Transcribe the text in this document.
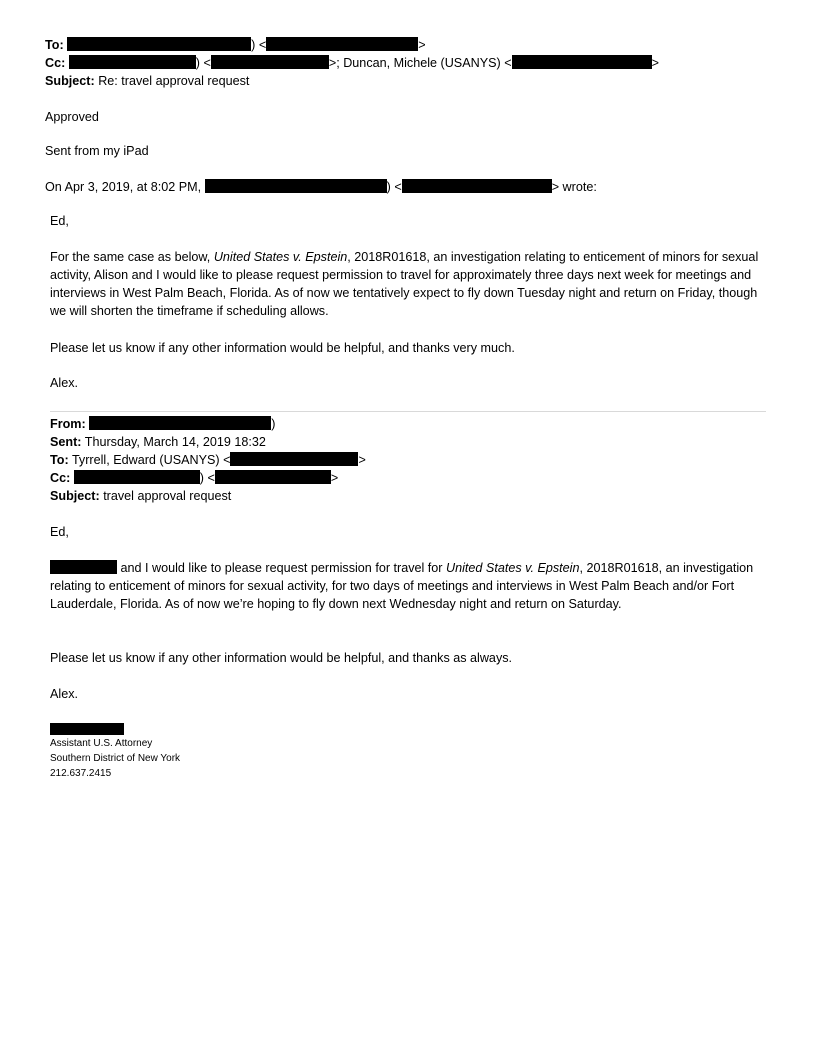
To:	) <	>
Cc:	) <	>; Duncan, Michele (USANYS) <	>
Subject: Re: travel approval request
Approved
Sent from my iPad
On Apr 3, 2019, at 8:02 PM,	) <	> wrote:
Ed,
For the same case as below, United States v. Epstein, 2018R01618, an investigation relating to enticement of minors for sexual activity, Alison and I would like to please request permission to travel for approximately three days next week for meetings and interviews in West Palm Beach, Florida. As of now we tentatively expect to fly down Tuesday night and return on Friday, though we will shorten the timeframe if scheduling allows.
Please let us know if any other information would be helpful, and thanks very much.
Alex.
From:	)
Sent: Thursday, March 14, 2019 18:32
To: Tyrrell, Edward (USANYS) <	>
Cc:	) <	>
Subject: travel approval request
Ed,
and I would like to please request permission for travel for United States v. Epstein, 2018R01618, an investigation relating to enticement of minors for sexual activity, for two days of meetings and interviews in West Palm Beach and/or Fort Lauderdale, Florida. As of now we’re hoping to fly down next Wednesday night and return on Saturday.
Please let us know if any other information would be helpful, and thanks as always.
Alex.
Assistant U.S. Attorney
Southern District of New York
212.637.2415
